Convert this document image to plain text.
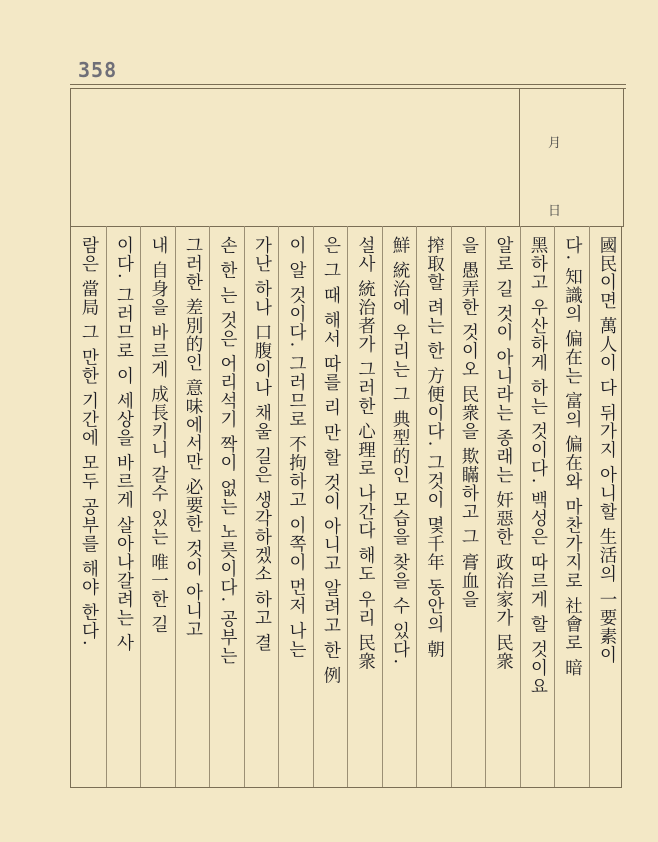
358
月
日
國民이면 萬人이 다 뒤가지 아니할 生活의 一要素이
다. 知識의 偏在는 富의 偏在와 마찬가지로 社會로 暗
黑하고 우산하게 하는 것이다. 백성은 따르게 할 것이요
알로 길 것이 아니라는 종래는 奸惡한 政治家가 民衆
을 愚弄한 것이오 民衆을 欺瞞하고 그 膏血을
搾取할 려는 한 方便이다. 그것이 몇千年 동안의 朝
鮮 統治에 우리는 그 典型的인 모습을 찾을 수 있다.
설사 統治者가 그러한 心理로 나간다 해도 우리 民衆
은 그 때 해서 따를 리 만 할 것이 아니고 알려고 한 例
이 알 것이다. 그러므로 不拘하고 이쪽이 먼저 나는
가난 하나 口腹이나 채울 길은 생각하겠소 하고 결
손 한 는 것은 어리석기 짝이 없는 노릇이다. 공부는
그러한 差別的인 意味에서만 必要한 것이 아니고
내 自身을 바르게 成長키니 갈수 있는 唯一한 길
이다. 그러므로 이 세상을 바르게 살아나갈려는 사
람은 當局 그 만한 기간에 모두 공부를 해야 한다.
